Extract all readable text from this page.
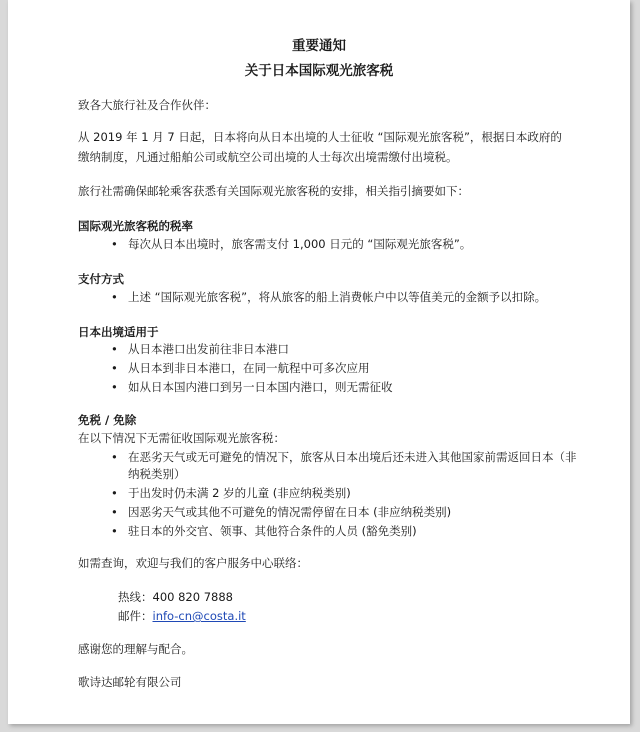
重要通知
关于日本国际观光旅客税
致各大旅行社及合作伙伴：
从 2019 年 1 月 7 日起，日本将向从日本出境的人士征收 “国际观光旅客税”，根据日本政府的
缴纳制度，凡通过船舶公司或航空公司出境的人士每次出境需缴付出境税。
旅行社需确保邮轮乘客获悉有关国际观光旅客税的安排，相关指引摘要如下：
国际观光旅客税的税率
• 每次从日本出境时，旅客需支付 1,000 日元的 “国际观光旅客税”。
支付方式
• 上述 “国际观光旅客税”，将从旅客的船上消费帐户中以等值美元的金额予以扣除。
日本出境适用于
• 从日本港口出发前往非日本港口
• 从日本到非日本港口，在同一航程中可多次应用
• 如从日本国内港口到另一日本国内港口，则无需征收
免税 / 免除
在以下情况下无需征收国际观光旅客税：
• 在恶劣天气或无可避免的情况下，旅客从日本出境后还未进入其他国家前需返回日本（非
纳税类别）
• 于出发时仍未满 2 岁的儿童 (非应纳税类别)
• 因恶劣天气或其他不可避免的情况需停留在日本 (非应纳税类别)
• 驻日本的外交官、领事、其他符合条件的人员 (豁免类别)
如需查询，欢迎与我们的客户服务中心联络：
热线：400 820 7888
邮件：info-cn@costa.it
感谢您的理解与配合。
歌诗达邮轮有限公司
